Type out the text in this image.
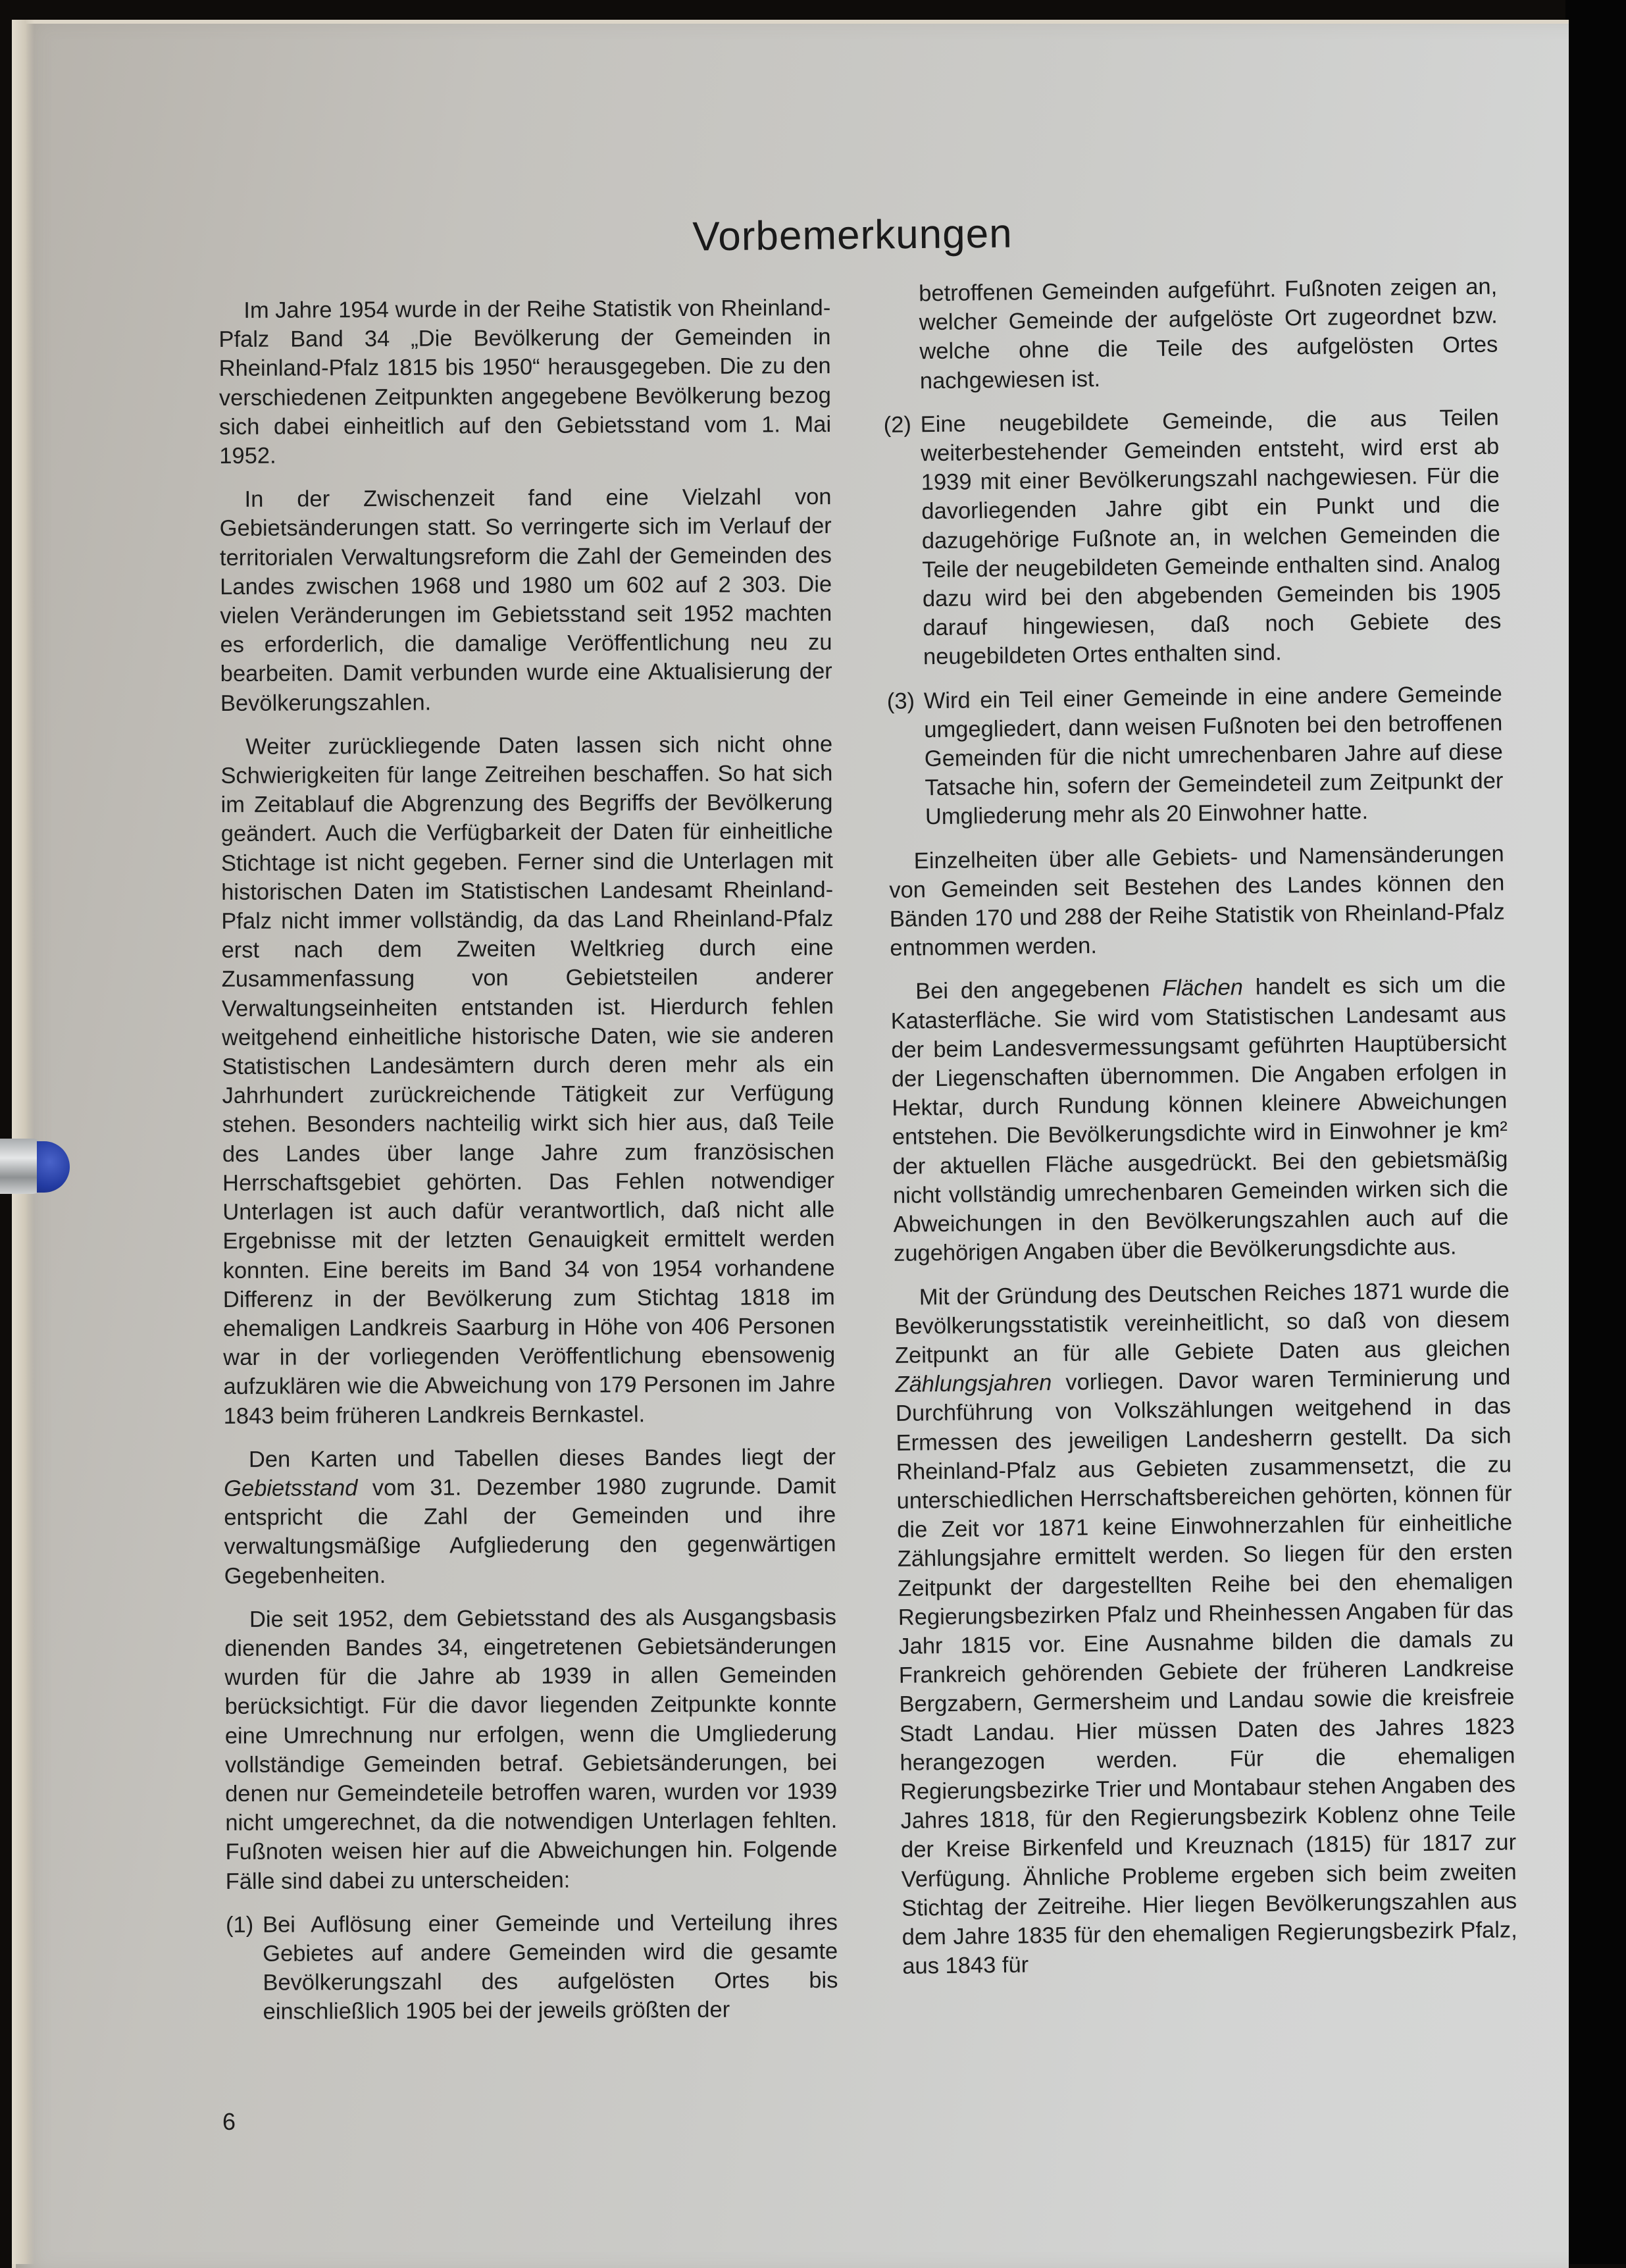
Vorbemerkungen

Im Jahre 1954 wurde in der Reihe Statistik von Rheinland-Pfalz Band 34 „Die Bevölkerung der Gemeinden in Rheinland-Pfalz 1815 bis 1950“ herausgegeben. Die zu den verschiedenen Zeitpunkten angegebene Bevölkerung bezog sich dabei einheitlich auf den Gebietsstand vom 1. Mai 1952.

In der Zwischenzeit fand eine Vielzahl von Gebietsänderungen statt. So verringerte sich im Verlauf der territorialen Verwaltungsreform die Zahl der Gemeinden des Landes zwischen 1968 und 1980 um 602 auf 2 303. Die vielen Veränderungen im Gebietsstand seit 1952 machten es erforderlich, die damalige Veröffentlichung neu zu bearbeiten. Damit verbunden wurde eine Aktualisierung der Bevölkerungszahlen.

Weiter zurückliegende Daten lassen sich nicht ohne Schwierigkeiten für lange Zeitreihen beschaffen. So hat sich im Zeitablauf die Abgrenzung des Begriffs der Bevölkerung geändert. Auch die Verfügbarkeit der Daten für einheitliche Stichtage ist nicht gegeben. Ferner sind die Unterlagen mit historischen Daten im Statistischen Landesamt Rheinland-Pfalz nicht immer vollständig, da das Land Rheinland-Pfalz erst nach dem Zweiten Weltkrieg durch eine Zusammenfassung von Gebietsteilen anderer Verwaltungseinheiten entstanden ist. Hierdurch fehlen weitgehend einheitliche historische Daten, wie sie anderen Statistischen Landesämtern durch deren mehr als ein Jahrhundert zurückreichende Tätigkeit zur Verfügung stehen. Besonders nachteilig wirkt sich hier aus, daß Teile des Landes über lange Jahre zum französischen Herrschaftsgebiet gehörten. Das Fehlen notwendiger Unterlagen ist auch dafür verantwortlich, daß nicht alle Ergebnisse mit der letzten Genauigkeit ermittelt werden konnten. Eine bereits im Band 34 von 1954 vorhandene Differenz in der Bevölkerung zum Stichtag 1818 im ehemaligen Landkreis Saarburg in Höhe von 406 Personen war in der vorliegenden Veröffentlichung ebensowenig aufzuklären wie die Abweichung von 179 Personen im Jahre 1843 beim früheren Landkreis Bernkastel.

Den Karten und Tabellen dieses Bandes liegt der Gebietsstand vom 31. Dezember 1980 zugrunde. Damit entspricht die Zahl der Gemeinden und ihre verwaltungsmäßige Aufgliederung den gegenwärtigen Gegebenheiten.

Die seit 1952, dem Gebietsstand des als Ausgangsbasis dienenden Bandes 34, eingetretenen Gebietsänderungen wurden für die Jahre ab 1939 in allen Gemeinden berücksichtigt. Für die davor liegenden Zeitpunkte konnte eine Umrechnung nur erfolgen, wenn die Umgliederung vollständige Gemeinden betraf. Gebietsänderungen, bei denen nur Gemeindeteile betroffen waren, wurden vor 1939 nicht umgerechnet, da die notwendigen Unterlagen fehlten. Fußnoten weisen hier auf die Abweichungen hin. Folgende Fälle sind dabei zu unterscheiden:

(1) Bei Auflösung einer Gemeinde und Verteilung ihres Gebietes auf andere Gemeinden wird die gesamte Bevölkerungszahl des aufgelösten Ortes bis einschließlich 1905 bei der jeweils größten der

betroffenen Gemeinden aufgeführt. Fußnoten zeigen an, welcher Gemeinde der aufgelöste Ort zugeordnet bzw. welche ohne die Teile des aufgelösten Ortes nachgewiesen ist.

(2) Eine neugebildete Gemeinde, die aus Teilen weiterbestehender Gemeinden entsteht, wird erst ab 1939 mit einer Bevölkerungszahl nachgewiesen. Für die davorliegenden Jahre gibt ein Punkt und die dazugehörige Fußnote an, in welchen Gemeinden die Teile der neugebildeten Gemeinde enthalten sind. Analog dazu wird bei den abgebenden Gemeinden bis 1905 darauf hingewiesen, daß noch Gebiete des neugebildeten Ortes enthalten sind.
(3) Wird ein Teil einer Gemeinde in eine andere Gemeinde umgegliedert, dann weisen Fußnoten bei den betroffenen Gemeinden für die nicht umrechenbaren Jahre auf diese Tatsache hin, sofern der Gemeindeteil zum Zeitpunkt der Umgliederung mehr als 20 Einwohner hatte.

Einzelheiten über alle Gebiets- und Namensänderungen von Gemeinden seit Bestehen des Landes können den Bänden 170 und 288 der Reihe Statistik von Rheinland-Pfalz entnommen werden.

Bei den angegebenen Flächen handelt es sich um die Katasterfläche. Sie wird vom Statistischen Landesamt aus der beim Landesvermessungsamt geführten Hauptübersicht der Liegenschaften übernommen. Die Angaben erfolgen in Hektar, durch Rundung können kleinere Abweichungen entstehen. Die Bevölkerungsdichte wird in Einwohner je km² der aktuellen Fläche ausgedrückt. Bei den gebietsmäßig nicht vollständig umrechenbaren Gemeinden wirken sich die Abweichungen in den Bevölkerungszahlen auch auf die zugehörigen Angaben über die Bevölkerungsdichte aus.

Mit der Gründung des Deutschen Reiches 1871 wurde die Bevölkerungsstatistik vereinheitlicht, so daß von diesem Zeitpunkt an für alle Gebiete Daten aus gleichen Zählungsjahren vorliegen. Davor waren Terminierung und Durchführung von Volkszählungen weitgehend in das Ermessen des jeweiligen Landesherrn gestellt. Da sich Rheinland-Pfalz aus Gebieten zusammensetzt, die zu unterschiedlichen Herrschaftsbereichen gehörten, können für die Zeit vor 1871 keine Einwohnerzahlen für einheitliche Zählungsjahre ermittelt werden. So liegen für den ersten Zeitpunkt der dargestellten Reihe bei den ehemaligen Regierungsbezirken Pfalz und Rheinhessen Angaben für das Jahr 1815 vor. Eine Ausnahme bilden die damals zu Frankreich gehörenden Gebiete der früheren Landkreise Bergzabern, Germersheim und Landau sowie die kreisfreie Stadt Landau. Hier müssen Daten des Jahres 1823 herangezogen werden. Für die ehemaligen Regierungsbezirke Trier und Montabaur stehen Angaben des Jahres 1818, für den Regierungsbezirk Koblenz ohne Teile der Kreise Birkenfeld und Kreuznach (1815) für 1817 zur Verfügung. Ähnliche Probleme ergeben sich beim zweiten Stichtag der Zeitreihe. Hier liegen Bevölkerungszahlen aus dem Jahre 1835 für den ehemaligen Regierungsbezirk Pfalz, aus 1843 für

6
